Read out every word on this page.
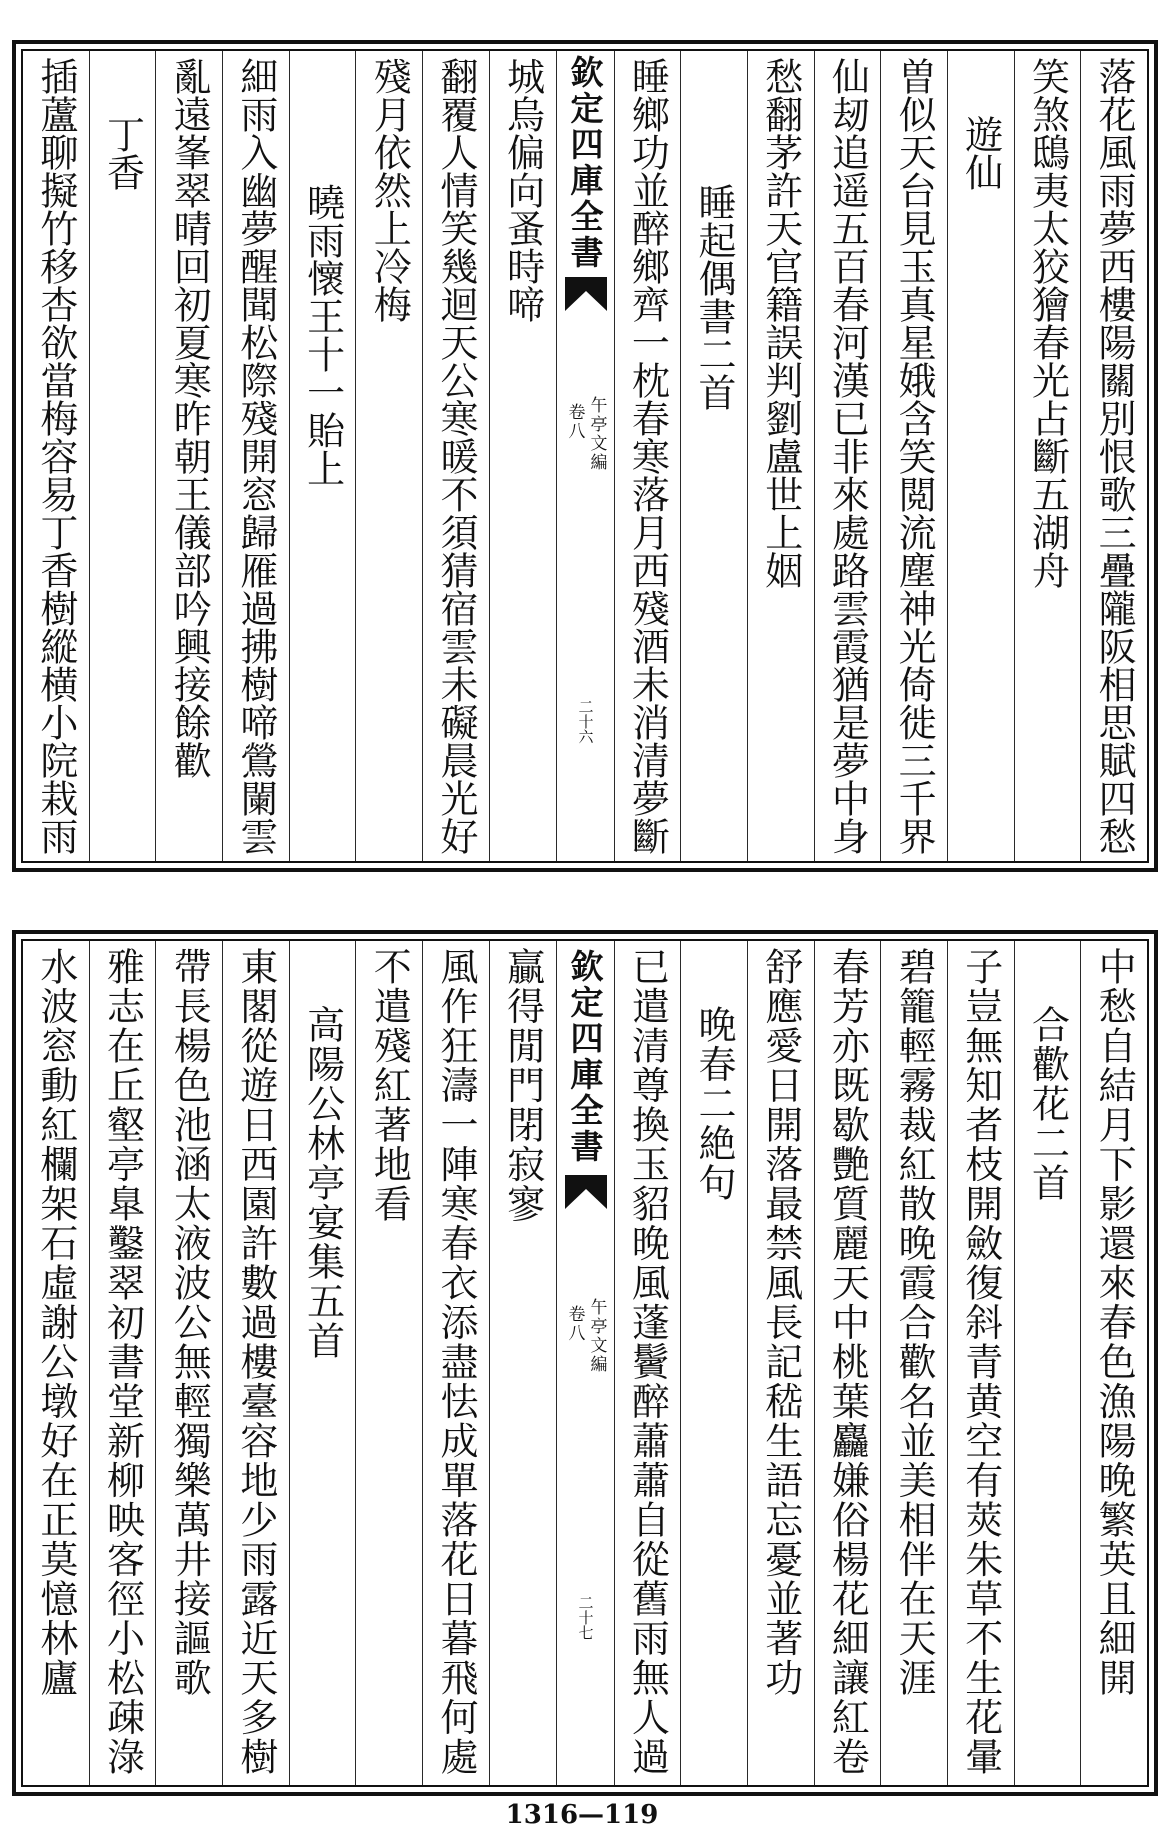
落花風雨夢西樓陽關別恨歌三疊隴阪相思賦四愁
笑煞鴟夷太狡獪春光占斷五湖舟
遊仙
曽似天台見玉真星娥含笑閲流塵神光倚徙三千界
仙刼追遥五百春河漢已非來處路雲霞猶是夢中身
愁翻茅許天官籍誤判劉盧世上姻
睡起偶書二首
睡鄉功並醉鄉齊一枕春寒落月西殘酒未消清夢斷
欽定四庫全書
午亭文編
卷八
二十六
城烏偏向蚤時啼
翻覆人情笑幾迴天公寒暖不須猜宿雲未礙晨光好
殘月依然上冷梅
曉雨懷王十一貽上
細雨入幽夢醒聞松際殘開窓歸雁過拂樹啼鶯闌雲
亂遠峯翠晴回初夏寒昨朝王儀部吟興接餘歡
丁香
插蘆聊擬竹移杏欲當梅容易丁香樹縱横小院栽雨
中愁自結月下影還來春色漁陽晚繁英且細開
合歡花二首
子豈無知者枝開斂復斜青黄空有莢朱草不生花暈
碧籠輕霧裁紅散晚霞合歡名並美相伴在天涯
春芳亦既歇艷質麗天中桃葉麤嫌俗楊花細讓紅卷
舒應愛日開落最禁風長記嵇生語忘憂並著功
晚春二絶句
已遣清尊換玉貂晚風蓬鬢醉蕭蕭自從舊雨無人過
欽定四庫全書
午亭文編
卷八
二十七
贏得閒門閉寂寥
風作狂濤一陣寒春衣添盡怯成單落花日暮飛何處
不遣殘紅著地看
高陽公林亭宴集五首
東閣從遊日西園許數過樓臺容地少雨露近天多樹
帶長楊色池涵太液波公無輕獨樂萬井接謳歌
雅志在丘壑亭臯鑿翠初書堂新柳映客徑小松疎淥
水波窓動紅欄架石虛謝公墩好在正莫憶林廬
1316—119
